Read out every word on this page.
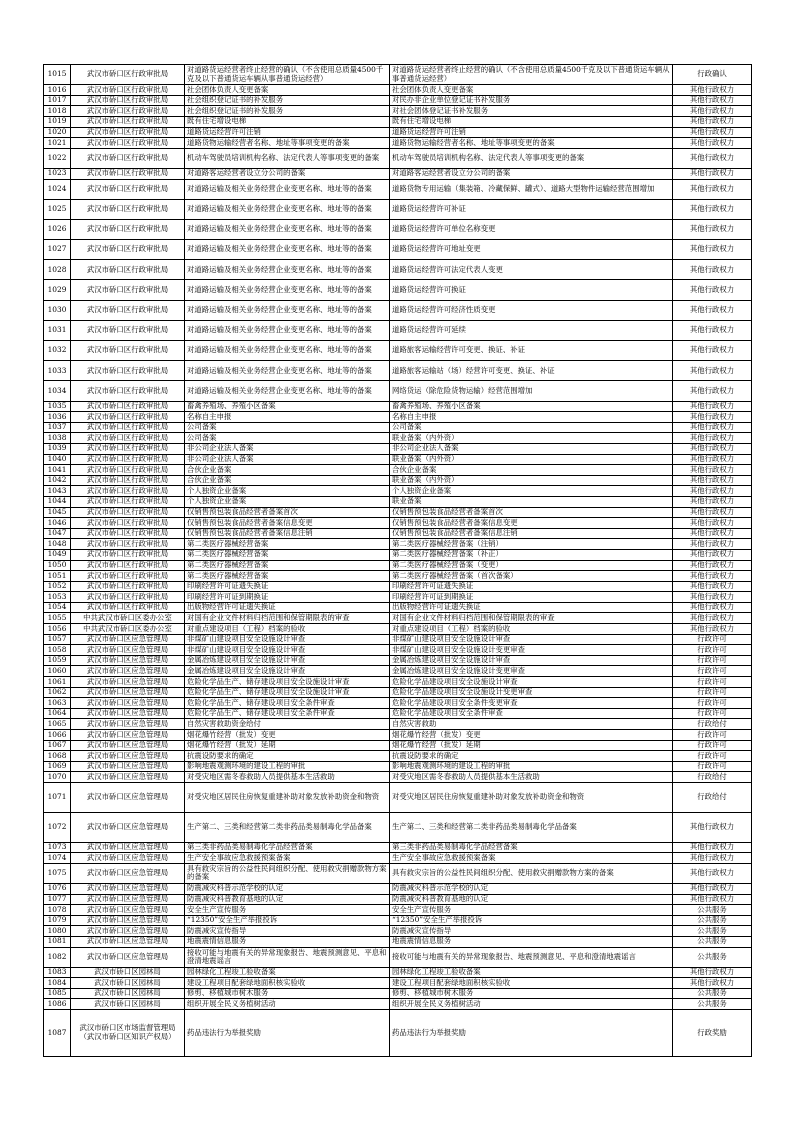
1015	武汉市硚口区行政审批局	对道路货运经营者终止经营的确认（不含使用总质量4500千克及以下普通货运车辆从事普通货运经营）	对道路货运经营者终止经营的确认（不含使用总质量4500千克及以下普通货运车辆从事普通货运经营）	行政确认
1016	武汉市硚口区行政审批局	社会团体负责人变更备案	社会团体负责人变更备案	其他行政权力
1017	武汉市硚口区行政审批局	社会组织登记证书的补发服务	对民办非企业单位登记证书补发服务	其他行政权力
1018	武汉市硚口区行政审批局	社会组织登记证书的补发服务	对社会团体登记证书补发服务	其他行政权力
1019	武汉市硚口区行政审批局	既有住宅增设电梯	既有住宅增设电梯	其他行政权力
1020	武汉市硚口区行政审批局	道路货运经营许可注销	道路货运经营许可注销	其他行政权力
1021	武汉市硚口区行政审批局	道路货物运输经营者名称、地址等事项变更的备案	道路货物运输经营者名称、地址等事项变更的备案	其他行政权力
1022	武汉市硚口区行政审批局	机动车驾驶员培训机构名称、法定代表人等事项变更的备案	机动车驾驶员培训机构名称、法定代表人等事项变更的备案	其他行政权力
1023	武汉市硚口区行政审批局	对道路客运经营者设立分公司的备案	对道路客运经营者设立分公司的备案	其他行政权力
1024	武汉市硚口区行政审批局	对道路运输及相关业务经营企业变更名称、地址等的备案	道路货物专用运输（集装箱、冷藏保鲜、罐式）、道路大型物件运输经营范围增加	其他行政权力
1025	武汉市硚口区行政审批局	对道路运输及相关业务经营企业变更名称、地址等的备案	道路货运经营许可补证	其他行政权力
1026	武汉市硚口区行政审批局	对道路运输及相关业务经营企业变更名称、地址等的备案	道路货运经营许可单位名称变更	其他行政权力
1027	武汉市硚口区行政审批局	对道路运输及相关业务经营企业变更名称、地址等的备案	道路货运经营许可地址变更	其他行政权力
1028	武汉市硚口区行政审批局	对道路运输及相关业务经营企业变更名称、地址等的备案	道路货运经营许可法定代表人变更	其他行政权力
1029	武汉市硚口区行政审批局	对道路运输及相关业务经营企业变更名称、地址等的备案	道路货运经营许可换证	其他行政权力
1030	武汉市硚口区行政审批局	对道路运输及相关业务经营企业变更名称、地址等的备案	道路货运经营许可经济性质变更	其他行政权力
1031	武汉市硚口区行政审批局	对道路运输及相关业务经营企业变更名称、地址等的备案	道路货运经营许可延续	其他行政权力
1032	武汉市硚口区行政审批局	对道路运输及相关业务经营企业变更名称、地址等的备案	道路旅客运输经营许可变更、换证、补证	其他行政权力
1033	武汉市硚口区行政审批局	对道路运输及相关业务经营企业变更名称、地址等的备案	道路旅客运输站（场）经营许可变更、换证、补证	其他行政权力
1034	武汉市硚口区行政审批局	对道路运输及相关业务经营企业变更名称、地址等的备案	网络货运（除危险货物运输）经营范围增加	其他行政权力
1035	武汉市硚口区行政审批局	畜禽养殖场、养殖小区备案	畜禽养殖场、养殖小区备案	其他行政权力
1036	武汉市硚口区行政审批局	名称自主申报	名称自主申报	其他行政权力
1037	武汉市硚口区行政审批局	公司备案	公司备案	其他行政权力
1038	武汉市硚口区行政审批局	公司备案	联业备案（内外资）	其他行政权力
1039	武汉市硚口区行政审批局	非公司企业法人备案	非公司企业法人备案	其他行政权力
1040	武汉市硚口区行政审批局	非公司企业法人备案	联业备案（内外资）	其他行政权力
1041	武汉市硚口区行政审批局	合伙企业备案	合伙企业备案	其他行政权力
1042	武汉市硚口区行政审批局	合伙企业备案	联业备案（内外资）	其他行政权力
1043	武汉市硚口区行政审批局	个人独资企业备案	个人独资企业备案	其他行政权力
1044	武汉市硚口区行政审批局	个人独资企业备案	联业备案	其他行政权力
1045	武汉市硚口区行政审批局	仅销售预包装食品经营者备案首次	仅销售预包装食品经营者备案首次	其他行政权力
1046	武汉市硚口区行政审批局	仅销售预包装食品经营者备案信息变更	仅销售预包装食品经营者备案信息变更	其他行政权力
1047	武汉市硚口区行政审批局	仅销售预包装食品经营者备案信息注销	仅销售预包装食品经营者备案信息注销	其他行政权力
1048	武汉市硚口区行政审批局	第二类医疗器械经营备案	第二类医疗器械经营备案（注销）	其他行政权力
1049	武汉市硚口区行政审批局	第二类医疗器械经营备案	第二类医疗器械经营备案（补正）	其他行政权力
1050	武汉市硚口区行政审批局	第二类医疗器械经营备案	第二类医疗器械经营备案（变更）	其他行政权力
1051	武汉市硚口区行政审批局	第二类医疗器械经营备案	第二类医疗器械经营备案（首次备案）	其他行政权力
1052	武汉市硚口区行政审批局	印刷经营许可证遗失换证	印刷经营许可证遗失换证	其他行政权力
1053	武汉市硚口区行政审批局	印刷经营许可证到期换证	印刷经营许可证到期换证	其他行政权力
1054	武汉市硚口区行政审批局	出版物经营许可证遗失换证	出版物经营许可证遗失换证	其他行政权力
1055	中共武汉市硚口区委办公室	对国有企业文件材料归档范围和保管期限表的审查	对国有企业文件材料归档范围和保管期限表的审查	其他行政权力
1056	中共武汉市硚口区委办公室	对重点建设项目（工程）档案的验收	对重点建设项目（工程）档案的验收	其他行政权力
1057	武汉市硚口区应急管理局	非煤矿山建设项目安全设施设计审查	非煤矿山建设项目安全设施设计审查	行政许可
1058	武汉市硚口区应急管理局	非煤矿山建设项目安全设施设计审查	非煤矿山建设项目安全设施设计变更审查	行政许可
1059	武汉市硚口区应急管理局	金属冶炼建设项目安全设施设计审查	金属冶炼建设项目安全设施设计审查	行政许可
1060	武汉市硚口区应急管理局	金属冶炼建设项目安全设施设计审查	金属冶炼建设项目安全设施设计变更审查	行政许可
1061	武汉市硚口区应急管理局	危险化学品生产、储存建设项目安全设施设计审查	危险化学品建设项目安全设施设计审查	行政许可
1062	武汉市硚口区应急管理局	危险化学品生产、储存建设项目安全设施设计审查	危险化学品建设项目安全设施设计变更审查	行政许可
1063	武汉市硚口区应急管理局	危险化学品生产、储存建设项目安全条件审查	危险化学品建设项目安全条件变更审查	行政许可
1064	武汉市硚口区应急管理局	危险化学品生产、储存建设项目安全条件审查	危险化学品建设项目安全条件审查	行政许可
1065	武汉市硚口区应急管理局	自然灾害救助资金给付	自然灾害救助	行政给付
1066	武汉市硚口区应急管理局	烟花爆竹经营（批发）变更	烟花爆竹经营（批发）变更	行政许可
1067	武汉市硚口区应急管理局	烟花爆竹经营（批发）延期	烟花爆竹经营（批发）延期	行政许可
1068	武汉市硚口区应急管理局	抗震设防要求的确定	抗震设防要求的确定	行政许可
1069	武汉市硚口区应急管理局	影响地震观测环境的建设工程的审批	影响地震观测环境的建设工程的审批	行政许可
1070	武汉市硚口区应急管理局	对受灾地区需冬春救助人员提供基本生活救助	对受灾地区需冬春救助人员提供基本生活救助	行政给付
1071	武汉市硚口区应急管理局	对受灾地区居民住房恢复重建补助对象发放补助资金和物资	对受灾地区居民住房恢复重建补助对象发放补助资金和物资	行政给付
1072	武汉市硚口区应急管理局	生产第二、三类和经营第二类非药品类易制毒化学品备案	生产第二、三类和经营第二类非药品类易制毒化学品备案	其他行政权力
1073	武汉市硚口区应急管理局	第三类非药品类易制毒化学品经营备案	第三类非药品类易制毒化学品经营备案	其他行政权力
1074	武汉市硚口区应急管理局	生产安全事故应急救援预案备案	生产安全事故应急救援预案备案	其他行政权力
1075	武汉市硚口区应急管理局	具有救灾宗旨的公益性民间组织分配、使用救灾捐赠款物方案的备案	具有救灾宗旨的公益性民间组织分配、使用救灾捐赠款物方案的备案	其他行政权力
1076	武汉市硚口区应急管理局	防震减灾科普示范学校的认定	防震减灾科普示范学校的认定	其他行政权力
1077	武汉市硚口区应急管理局	防震减灾科普教育基地的认定	防震减灾科普教育基地的认定	其他行政权力
1078	武汉市硚口区应急管理局	安全生产宣传服务	安全生产宣传服务	公共服务
1079	武汉市硚口区应急管理局	“12350”安全生产举报投诉	“12350”安全生产举报投诉	公共服务
1080	武汉市硚口区应急管理局	防震减灾宣传指导	防震减灾宣传指导	公共服务
1081	武汉市硚口区应急管理局	地震震情信息服务	地震震情信息服务	公共服务
1082	武汉市硚口区应急管理局	接收可能与地震有关的异常现象报告、地震预测意见、平息和澄清地震谣言	接收可能与地震有关的异常现象报告、地震预测意见、平息和澄清地震谣言	公共服务
1083	武汉市硚口区园林局	园林绿化工程竣工验收备案	园林绿化工程竣工验收备案	其他行政权力
1084	武汉市硚口区园林局	建设工程项目配套绿地面积核实验收	建设工程项目配套绿地面积核实验收	其他行政权力
1085	武汉市硚口区园林局	修剪、移植城市树木服务	修剪、移植城市树木服务	公共服务
1086	武汉市硚口区园林局	组织开展全民义务植树活动	组织开展全民义务植树活动	公共服务
1087	武汉市硚口区市场监督管理局（武汉市硚口区知识产权局）	药品违法行为举报奖励	药品违法行为举报奖励	行政奖励
